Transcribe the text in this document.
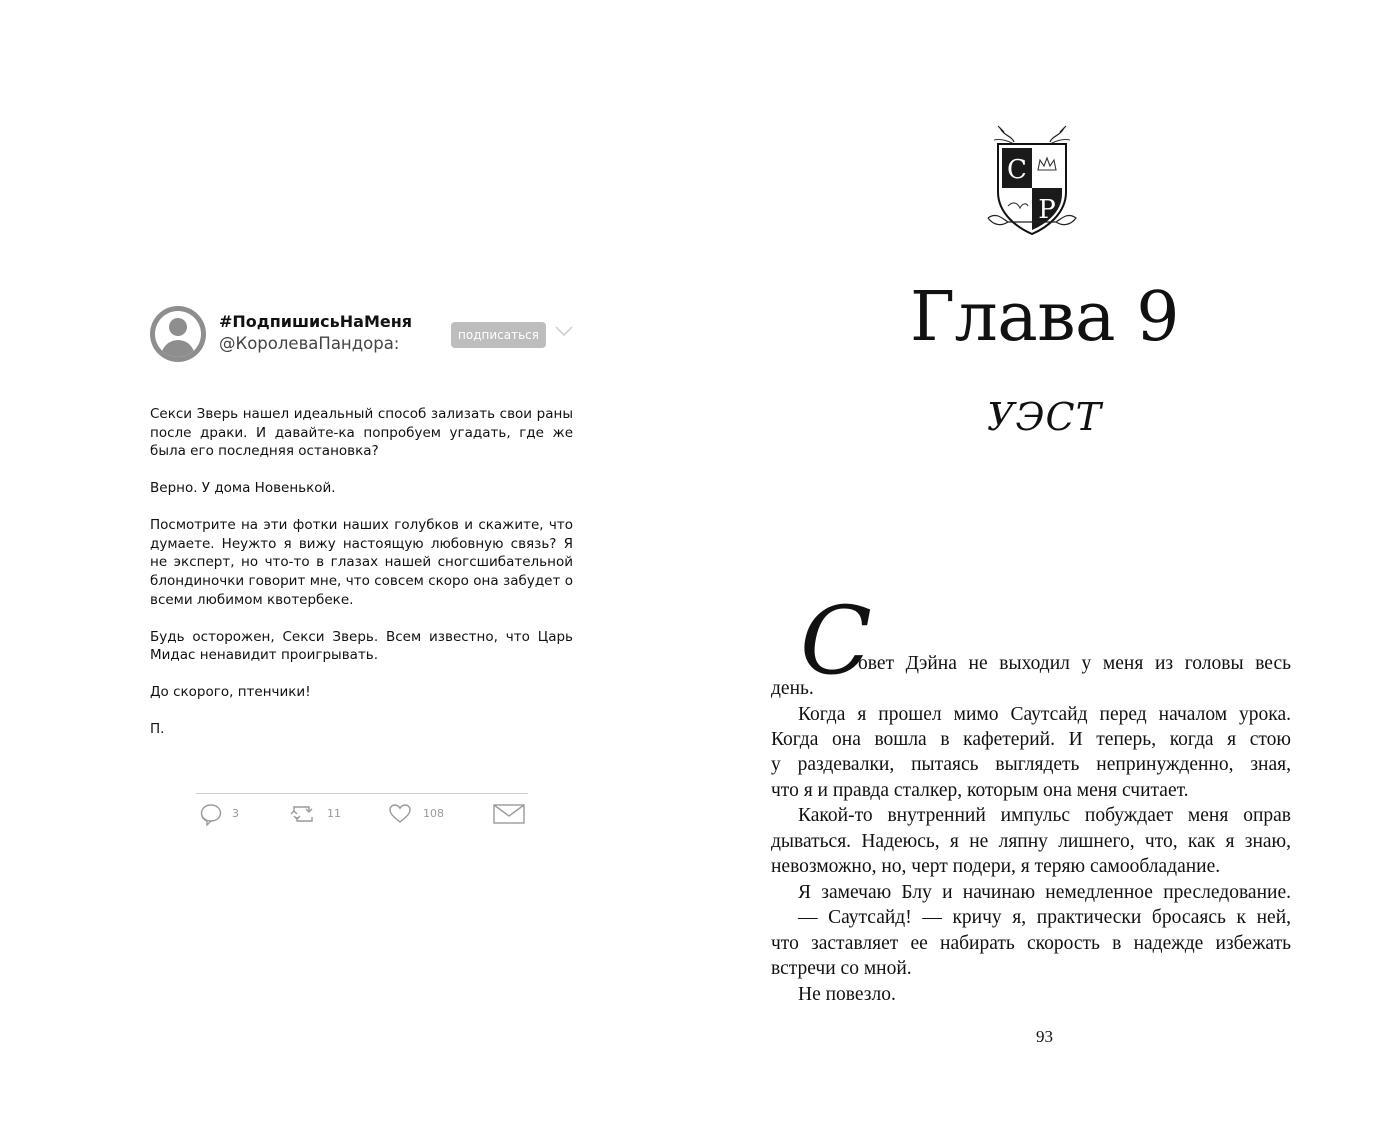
#ПодпишисьНаМеня
@КоролеваПандора:	подписаться

Секси Зверь нашел идеальный способ зализать свои раны после драки. И давайте-ка попробуем угадать, где же была его последняя остановка?

Верно. У дома Новенькой.

Посмотрите на эти фотки наших голубков и скажите, что думаете. Неужто я вижу настоящую любовную связь? Я не эксперт, но что-то в глазах нашей сногсшибательной блондиночки говорит мне, что совсем скоро она забудет о всеми любимом квотербеке.

Будь осторожен, Секси Зверь. Всем известно, что Царь Мидас ненавидит проигрывать.

До скорого, птенчики!

П.

3	11	108
С
Р
Глава 9
УЭСТ
С
овет Дэйна не выходил у меня из головы весь
день.
Когда я прошел мимо Саутсайд перед началом урока.
Когда она вошла в кафетерий. И теперь, когда я стою
у раздевалки, пытаясь выглядеть непринужденно, зная,
что я и правда сталкер, которым она меня считает.
Какой-то внутренний импульс побуждает меня оправ
дываться. Надеюсь, я не ляпну лишнего, что, как я знаю,
невозможно, но, черт подери, я теряю самообладание.
Я замечаю Блу и начинаю немедленное преследование.
— Саутсайд! — кричу я, практически бросаясь к ней,
что заставляет ее набирать скорость в надежде избежать
встречи со мной.
Не повезло.
93
